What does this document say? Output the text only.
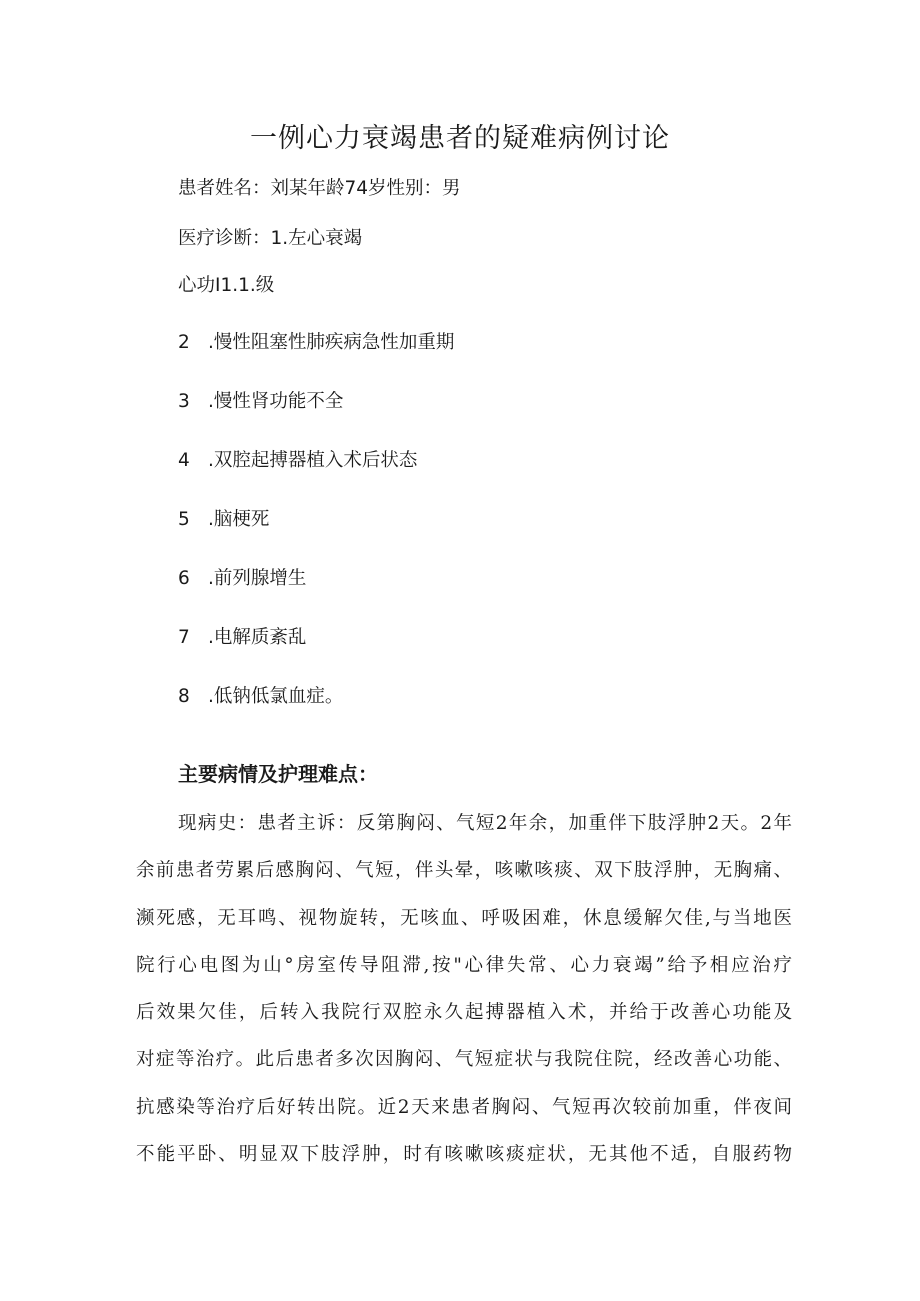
一例心力衰竭患者的疑难病例讨论
患者姓名：刘某年龄74岁性别：男
医疗诊断：1.左心衰竭
心功I1.1.级
2 .慢性阻塞性肺疾病急性加重期
3 .慢性肾功能不全
4 .双腔起搏器植入术后状态
5 .脑梗死
6 .前列腺增生
7 .电解质紊乱
8 .低钠低氯血症。
主要病情及护理难点：
现病史：患者主诉：反第胸闷、气短2年余，加重伴下肢浮肿2天。2年
余前患者劳累后感胸闷、气短，伴头晕，咳嗽咳痰、双下肢浮肿，无胸痛、
濒死感，无耳鸣、视物旋转，无咳血、呼吸困难，休息缓解欠佳,与当地医
院行心电图为山°房室传导阻滞,按"心律失常、心力衰竭”给予相应治疗
后效果欠佳，后转入我院行双腔永久起搏器植入术，并给于改善心功能及
对症等治疗。此后患者多次因胸闷、气短症状与我院住院，经改善心功能、
抗感染等治疗后好转出院。近2天来患者胸闷、气短再次较前加重，伴夜间
不能平卧、明显双下肢浮肿，时有咳嗽咳痰症状，无其他不适，自服药物
